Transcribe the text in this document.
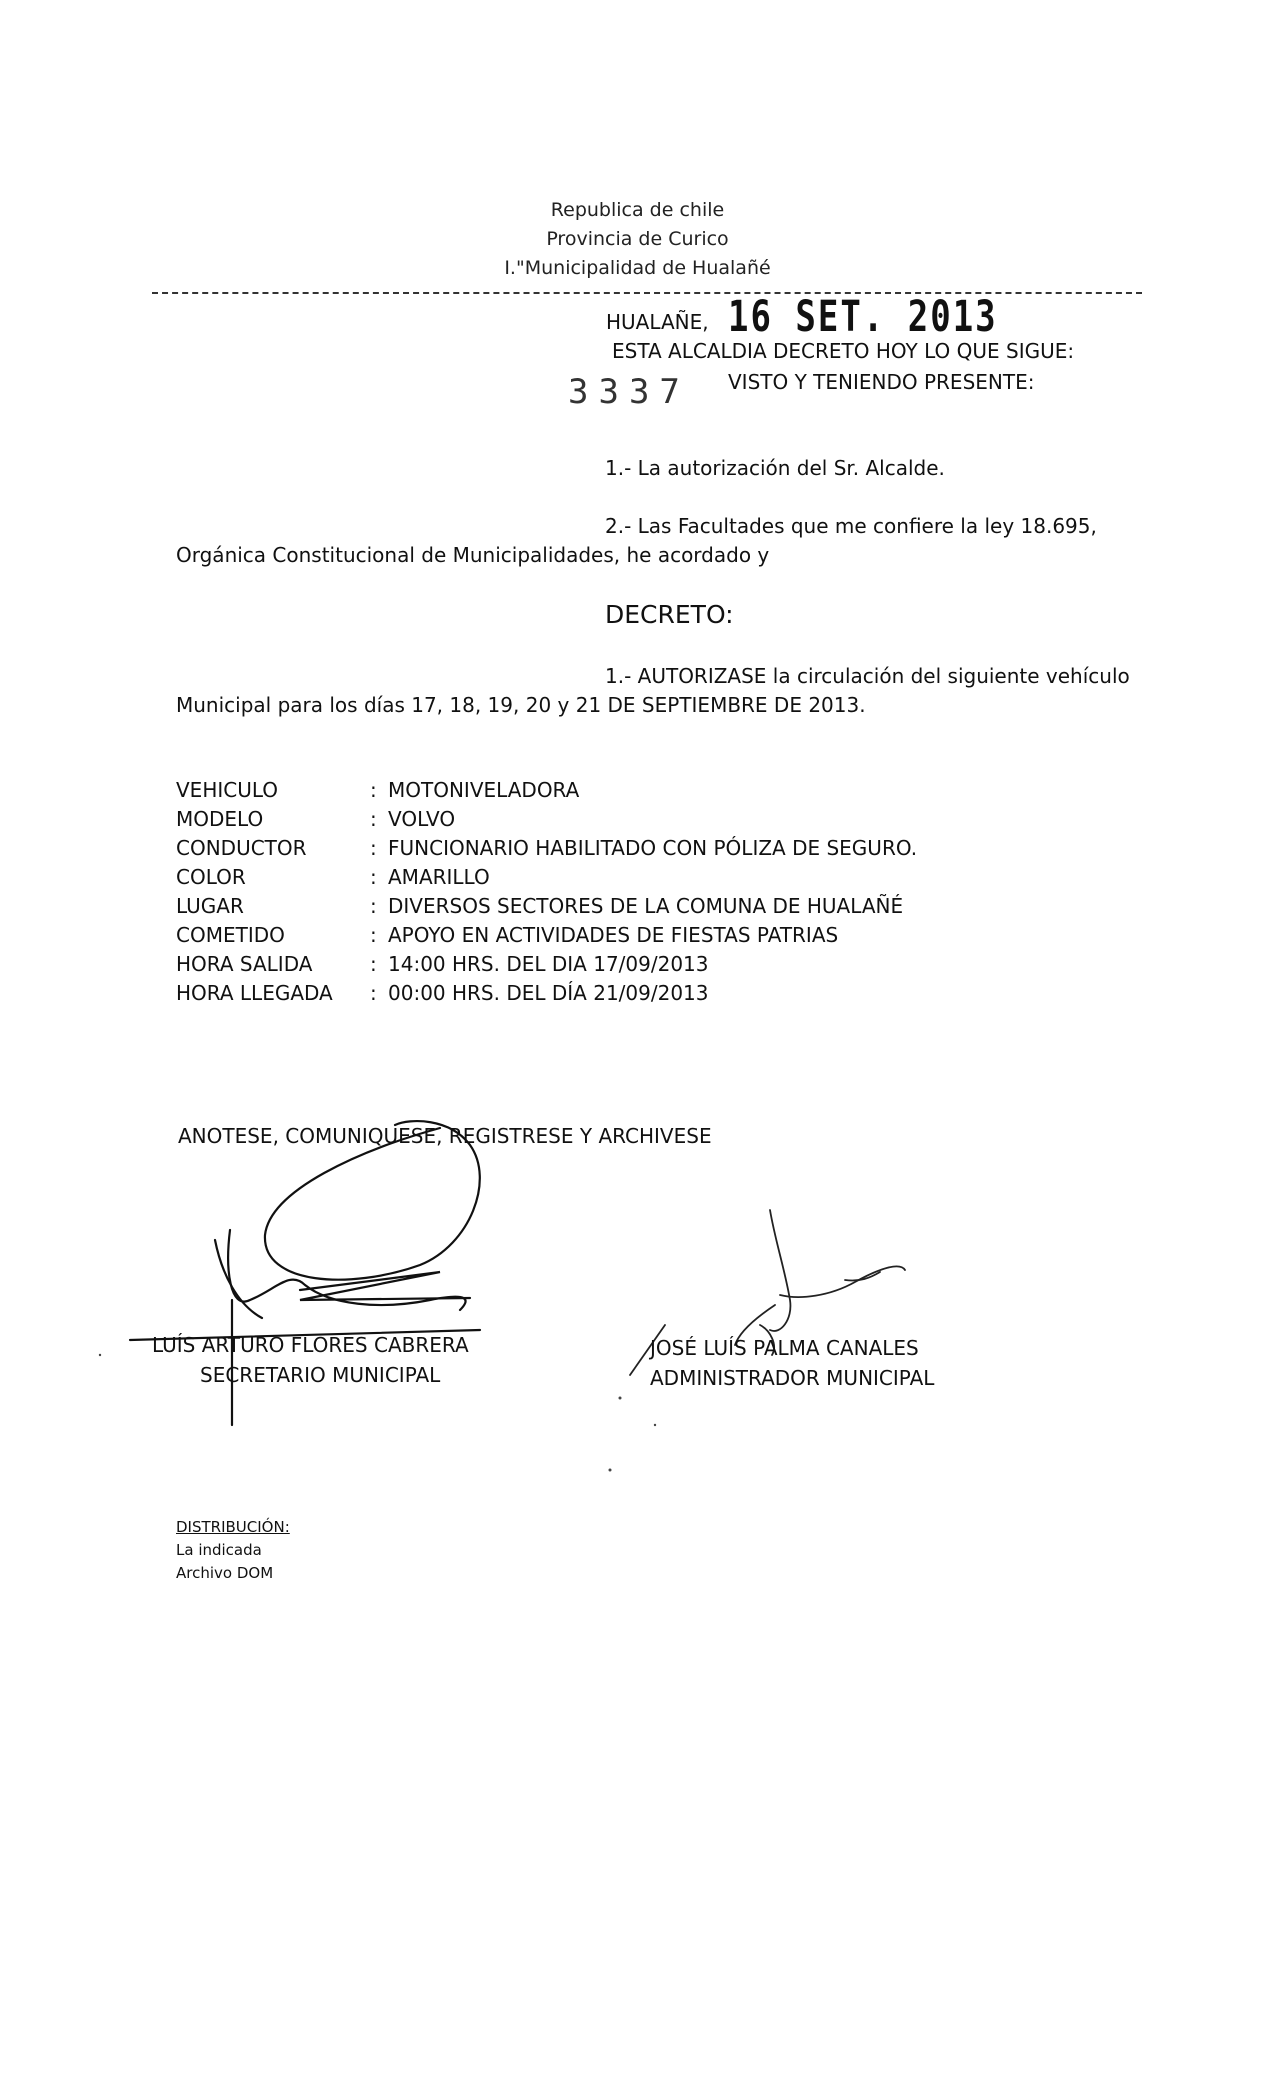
Republica de chile
Provincia de Curico
I."Municipalidad de Hualañé
HUALAÑE, 16 SET. 2013
ESTA ALCALDIA DECRETO HOY LO QUE SIGUE:
3337 VISTO Y TENIENDO PRESENTE:
1.- La autorización del Sr. Alcalde.
2.- Las Facultades que me confiere la ley 18.695,
Orgánica Constitucional de Municipalidades, he acordado y
DECRETO:
1.- AUTORIZASE la circulación del siguiente vehículo
Municipal para los días 17, 18, 19, 20 y 21 DE SEPTIEMBRE DE 2013.
VEHICULO	: MOTONIVELADORA
MODELO	: VOLVO
CONDUCTOR	: FUNCIONARIO HABILITADO CON PÓLIZA DE SEGURO.
COLOR	: AMARILLO
LUGAR	: DIVERSOS SECTORES DE LA COMUNA DE HUALAÑÉ
COMETIDO	: APOYO EN ACTIVIDADES DE FIESTAS PATRIAS
HORA SALIDA	: 14:00 HRS. DEL DIA 17/09/2013
HORA LLEGADA : 00:00 HRS. DEL DÍA 21/09/2013
ANOTESE, COMUNIQUESE, REGISTRESE Y ARCHIVESE
LUÍS ARTURO FLORES CABRERA
SECRETARIO MUNICIPAL
JOSÉ LUÍS PALMA CANALES
ADMINISTRADOR MUNICIPAL
DISTRIBUCIÓN:
La indicada
Archivo DOM
